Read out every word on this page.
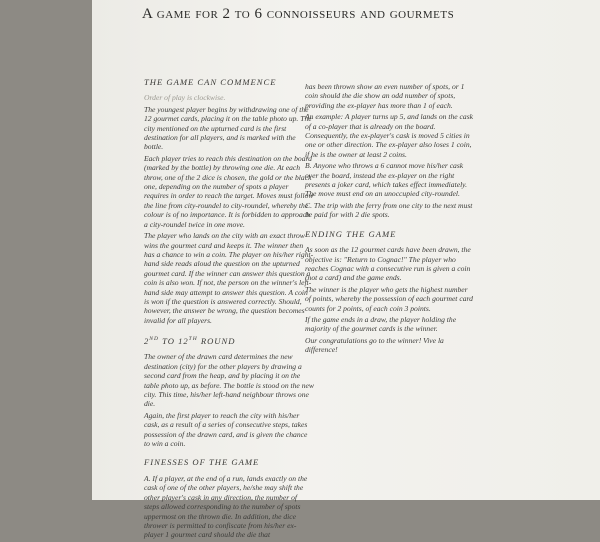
A game for 2 to 6 connoisseurs and gourmets
THE GAME CAN COMMENCE

Order of play is clockwise.

The youngest player begins by withdrawing one of the 12 gourmet cards, placing it on the table photo up. The city mentioned on the upturned card is the first destination for all players, and is marked with the bottle.

Each player tries to reach this destination on the board (marked by the bottle) by throwing one die. At each throw, one of the 2 dice is chosen, the gold or the black one, depending on the number of spots a player requires in order to reach the target. Moves must follow the line from city-roundel to city-roundel, whereby the colour is of no importance. It is forbidden to approach a city-roundel twice in one move.

The player who lands on the city with an exact throw wins the gourmet card and keeps it. The winner then has a chance to win a coin. The player on his/her right-hand side reads aloud the question on the upturned gourmet card. If the winner can answer this question a coin is also won. If not, the person on the winner's left-hand side may attempt to answer this question. A coin is won if the question is answered correctly. Should, however, the answer be wrong, the question becomes invalid for all players.

2ND TO 12TH ROUND

The owner of the drawn card determines the new destination (city) for the other players by drawing a second card from the heap, and by placing it on the table photo up, as before. The bottle is stood on the new city. This time, his/her left-hand neighbour throws one die.

Again, the first player to reach the city with his/her cask, as a result of a series of consecutive steps, takes possession of the drawn card, and is given the chance to win a coin.

FINESSES OF THE GAME

A. If a player, at the end of a run, lands exactly on the cask of one of the other players, he/she may shift the other player's cask in any direction, the number of steps allowed corresponding to the number of spots uppermost on the thrown die. In addition, the dice thrower is permitted to confiscate from his/her ex-player 1 gourmet card should the die that

has been thrown show an even number of spots, or 1 coin should the die show an odd number of spots, providing the ex-player has more than 1 of each.

An example: A player turns up 5, and lands on the cask of a co-player that is already on the board. Consequently, the ex-player's cask is moved 5 cities in one or other direction. The ex-player also loses 1 coin, if he is the owner at least 2 coins.

B. Anyone who throws a 6 cannot move his/her cask over the board, instead the ex-player on the right presents a joker card, which takes effect immediately. The move must end on an unoccupied city-roundel.

C. The trip with the ferry from one city to the next must be paid for with 2 die spots.

ENDING THE GAME

As soon as the 12 gourmet cards have been drawn, the objective is: "Return to Cognac!" The player who reaches Cognac with a consecutive run is given a coin (not a card) and the game ends.

The winner is the player who gets the highest number of points, whereby the possession of each gourmet card counts for 2 points, of each coin 3 points.

If the game ends in a draw, the player holding the majority of the gourmet cards is the winner.

Our congratulations go to the winner! Vive la difference!
